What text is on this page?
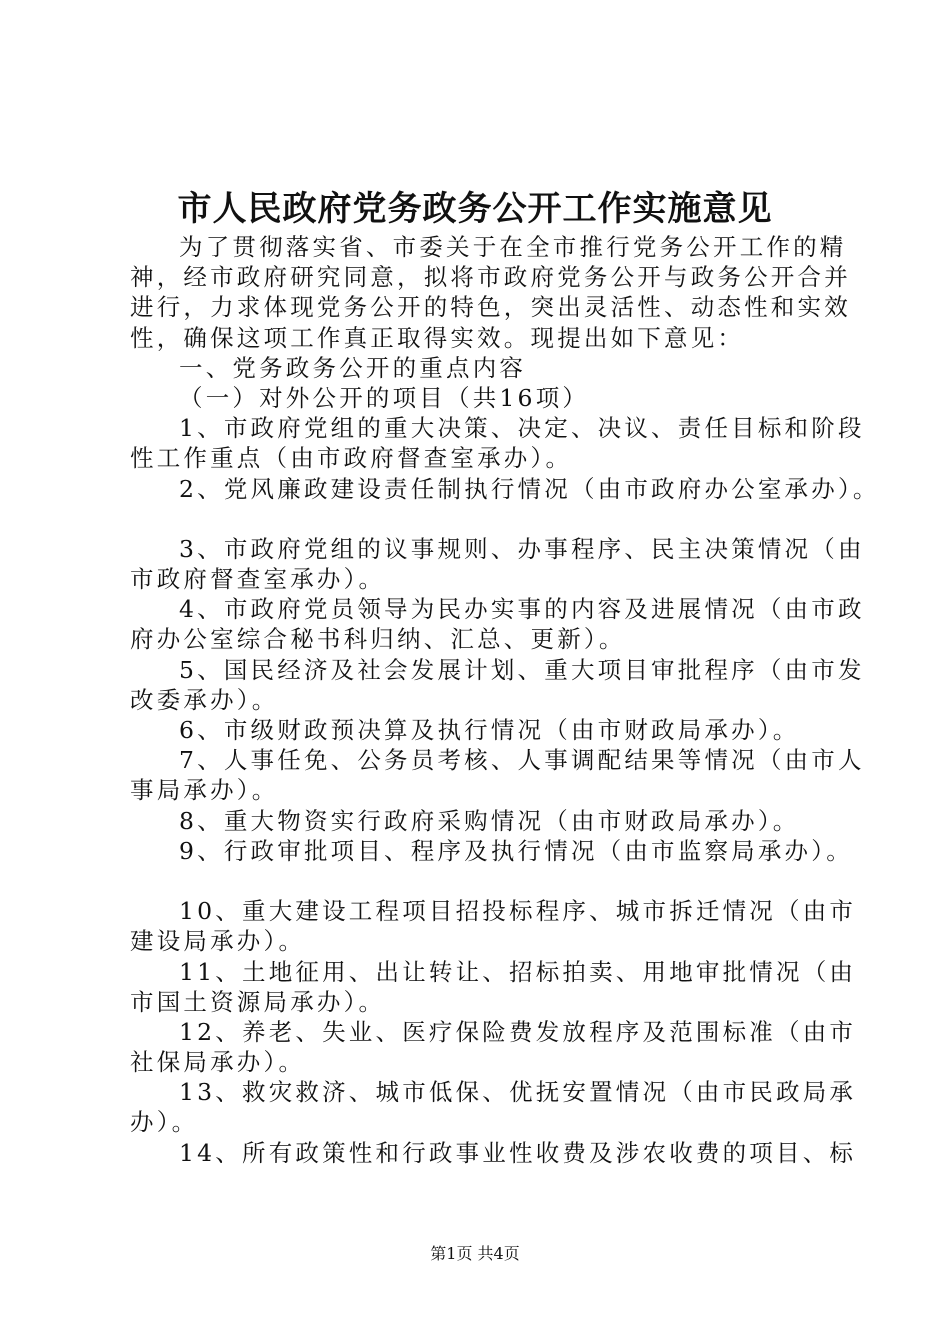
市人民政府党务政务公开工作实施意见
为了贯彻落实省、市委关于在全市推行党务公开工作的精
神，经市政府研究同意，拟将市政府党务公开与政务公开合并
进行，力求体现党务公开的特色，突出灵活性、动态性和实效
性，确保这项工作真正取得实效。现提出如下意见：
一、党务政务公开的重点内容
（一）对外公开的项目（共16项）
1、市政府党组的重大决策、决定、决议、责任目标和阶段
性工作重点（由市政府督查室承办）。
2、党风廉政建设责任制执行情况（由市政府办公室承办）。
3、市政府党组的议事规则、办事程序、民主决策情况（由
市政府督查室承办）。
4、市政府党员领导为民办实事的内容及进展情况（由市政
府办公室综合秘书科归纳、汇总、更新）。
5、国民经济及社会发展计划、重大项目审批程序（由市发
改委承办）。
6、市级财政预决算及执行情况（由市财政局承办）。
7、人事任免、公务员考核、人事调配结果等情况（由市人
事局承办）。
8、重大物资实行政府采购情况（由市财政局承办）。
9、行政审批项目、程序及执行情况（由市监察局承办）。
10、重大建设工程项目招投标程序、城市拆迁情况（由市
建设局承办）。
11、土地征用、出让转让、招标拍卖、用地审批情况（由
市国土资源局承办）。
12、养老、失业、医疗保险费发放程序及范围标准（由市
社保局承办）。
13、救灾救济、城市低保、优抚安置情况（由市民政局承
办）。
14、所有政策性和行政事业性收费及涉农收费的项目、标
第1页 共4页
